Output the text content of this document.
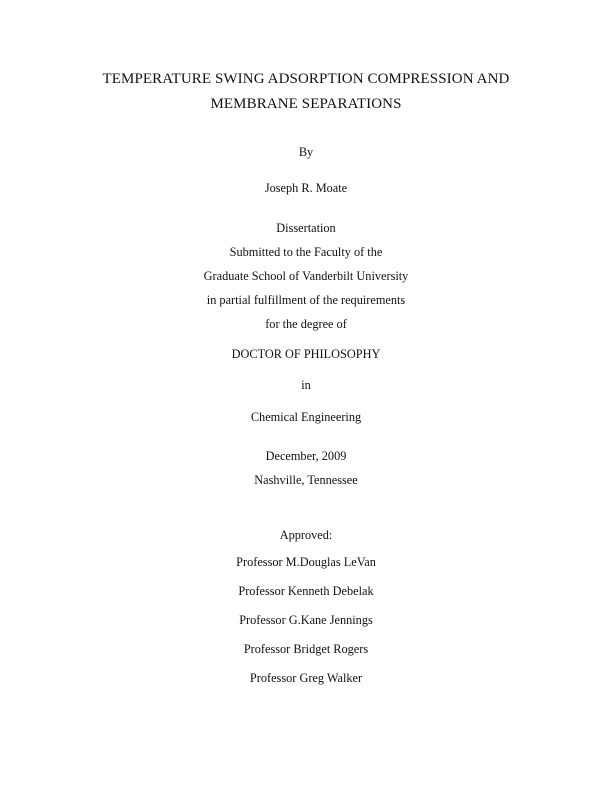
TEMPERATURE SWING ADSORPTION COMPRESSION AND
MEMBRANE SEPARATIONS
By
Joseph R. Moate
Dissertation
Submitted to the Faculty of the
Graduate School of Vanderbilt University
in partial fulfillment of the requirements
for the degree of
DOCTOR OF PHILOSOPHY
in
Chemical Engineering
December, 2009
Nashville, Tennessee
Approved:
Professor M.Douglas LeVan
Professor Kenneth Debelak
Professor G.Kane Jennings
Professor Bridget Rogers
Professor Greg Walker
